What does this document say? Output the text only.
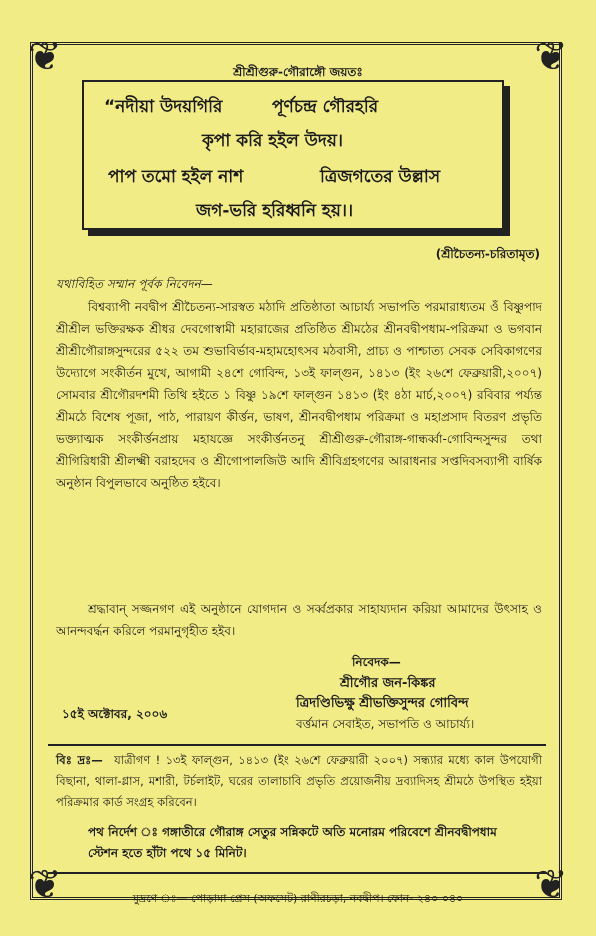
❦	❦
❦	❦
শ্রীশ্রীগুরু-গৌরাঙ্গৌ জয়তঃ
“নদীয়া উদয়গিরি	পূর্ণচন্দ্র গৌরহরি
কৃপা করি হইল উদয়।
পাপ তমো হইল নাশ	ত্রিজগতের উল্লাস
জগ-ভরি হরিধ্বনি হয়।।
(শ্রীচৈতন্য-চরিতামৃত)
যথাবিহিত সম্মান পূর্বক নিবেদন—
বিশ্বব্যাপী নবদ্বীপ শ্রীচৈতন্য-সারস্বত মঠাদি প্রতিষ্ঠাতা আচার্য্য সভাপতি পরমারাধ্যতম ওঁ বিষ্ণুপাদ শ্রীশ্রীল ভক্তিরক্ষক শ্রীধর দেবগোস্বামী মহারাজের প্রতিষ্ঠিত শ্রীমঠের শ্রীনবদ্বীপধাম-পরিক্রমা ও ভগবান শ্রীশ্রীগৌরাঙ্গসুন্দরের ৫২২ তম শুভাবির্ভাব-মহামহোৎসব মঠবাসী, প্রাচ্য ও পাশ্চাত্য সেবক সেবিকাগণের উদ্যোগে সংকীর্তন মুখে, আগামী ২৪শে গোবিন্দ, ১৩ই ফাল্গুন, ১৪১৩ (ইং ২৬শে ফেব্রুয়ারী,২০০৭) সোমবার শ্রীগৌরদশমী তিথি হইতে ১ বিষ্ণু ১৯শে ফাল্গুন ১৪১৩ (ইং ৪ঠা মার্চ,২০০৭) রবিবার পর্য্যন্ত শ্রীমঠে বিশেষ পূজা, পাঠ, পারায়ণ কীর্ত্তন, ভাষণ, শ্রীনবদ্বীপধাম পরিক্রমা ও মহাপ্রসাদ বিতরণ প্রভৃতি ভক্ত্যাত্মক সংকীর্ত্তনপ্রায় মহাযজ্ঞে সংকীর্ত্তনতনু শ্রীশ্রীগুরু-গৌরাঙ্গ-গান্ধর্ব্বা-গোবিন্দসুন্দর তথা শ্রীগিরিধারী শ্রীলক্ষ্মী বরাহদেব ও শ্রীগোপালজিউ আদি শ্রীবিগ্রহগণের আরাধনার সপ্তদিবসব্যাপী বার্ষিক অনুষ্ঠান বিপুলভাবে অনুষ্ঠিত হইবে।
শ্রদ্ধাবান্ সজ্জনগণ এই অনুষ্ঠানে যোগদান ও সর্ব্বপ্রকার সাহায্যদান করিয়া আমাদের উৎসাহ ও আনন্দবর্দ্ধন করিলে পরমানুগৃহীত হইব।
নিবেদক—
শ্রীগৌর জন-কিঙ্কর
ত্রিদণ্ডিভিক্ষু শ্রীভক্তিসুন্দর গোবিন্দ
বর্ত্তমান সেবাইত, সভাপতি ও আচার্য্য।
১৫ই অক্টোবর, ২০০৬
বিঃ দ্রঃ— যাত্রীগণ ! ১৩ই ফাল্গুন, ১৪১৩ (ইং ২৬শে ফেব্রুয়ারী ২০০৭) সন্ধ্যার মধ্যে কাল উপযোগী বিছানা, থালা-গ্লাস, মশারী, টর্চলাইট, ঘরের তালাচাবি প্রভৃতি প্রয়োজনীয় দ্রব্যাদিসহ শ্রীমঠে উপস্থিত হইয়া পরিক্রমার কার্ড সংগ্রহ করিবেন।
পথ নির্দেশ ঃ গঙ্গাতীরে গৌরাঙ্গ সেতুর সন্নিকটে অতি মনোরম পরিবেশে শ্রীনবদ্বীপধাম স্টেশন হতে হাঁটা পথে ১৫ মিনিট।
মুদ্রণে ঃ— পোড়ামা প্রেস (অফসেট) রাণীরচড়া, নবদ্বীপ। ফোন- ২৪০ ০৪০
